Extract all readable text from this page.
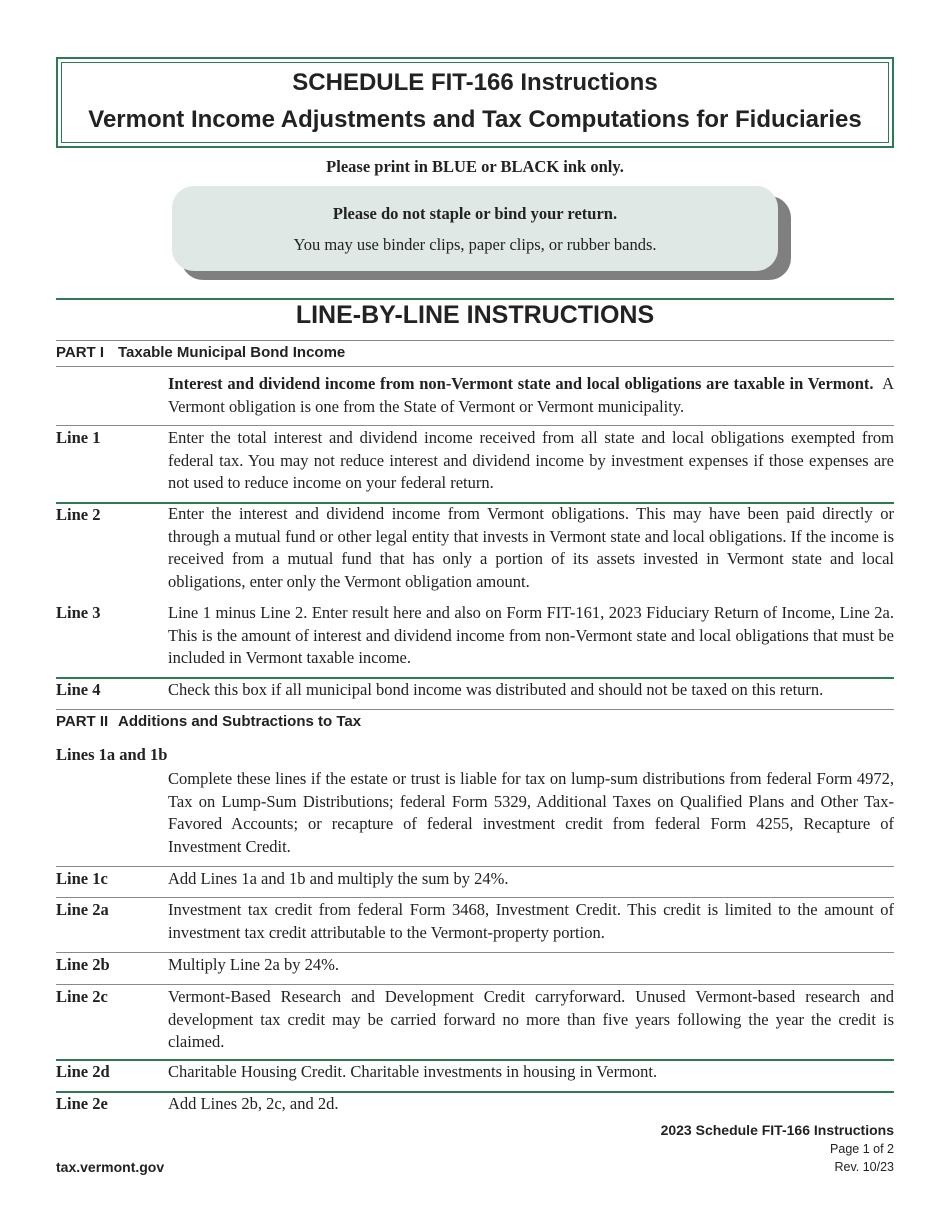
SCHEDULE FIT-166 Instructions
Vermont Income Adjustments and Tax Computations for Fiduciaries
Please print in BLUE or BLACK ink only.
Please do not staple or bind your return.
You may use binder clips, paper clips, or rubber bands.
LINE-BY-LINE INSTRUCTIONS
PART I Taxable Municipal Bond Income
Interest and dividend income from non-Vermont state and local obligations are taxable in Vermont. A Vermont obligation is one from the State of Vermont or Vermont municipality.
Line 1	Enter the total interest and dividend income received from all state and local obligations exempted from federal tax. You may not reduce interest and dividend income by investment expenses if those expenses are not used to reduce income on your federal return.
Line 2	Enter the interest and dividend income from Vermont obligations. This may have been paid directly or through a mutual fund or other legal entity that invests in Vermont state and local obligations. If the income is received from a mutual fund that has only a portion of its assets invested in Vermont state and local obligations, enter only the Vermont obligation amount.
Line 3	Line 1 minus Line 2. Enter result here and also on Form FIT-161, 2023 Fiduciary Return of Income, Line 2a. This is the amount of interest and dividend income from non-Vermont state and local obligations that must be included in Vermont taxable income.
Line 4	Check this box if all municipal bond income was distributed and should not be taxed on this return.
PART II Additions and Subtractions to Tax
Lines 1a and 1b
Complete these lines if the estate or trust is liable for tax on lump-sum distributions from federal Form 4972, Tax on Lump-Sum Distributions; federal Form 5329, Additional Taxes on Qualified Plans and Other Tax-Favored Accounts; or recapture of federal investment credit from federal Form 4255, Recapture of Investment Credit.
Line 1c	Add Lines 1a and 1b and multiply the sum by 24%.
Line 2a	Investment tax credit from federal Form 3468, Investment Credit. This credit is limited to the amount of investment tax credit attributable to the Vermont-property portion.
Line 2b	Multiply Line 2a by 24%.
Line 2c	Vermont-Based Research and Development Credit carryforward. Unused Vermont-based research and development tax credit may be carried forward no more than five years following the year the credit is claimed.
Line 2d	Charitable Housing Credit. Charitable investments in housing in Vermont.
Line 2e	Add Lines 2b, 2c, and 2d.
2023 Schedule FIT-166 Instructions
Page 1 of 2
Rev. 10/23
tax.vermont.gov
